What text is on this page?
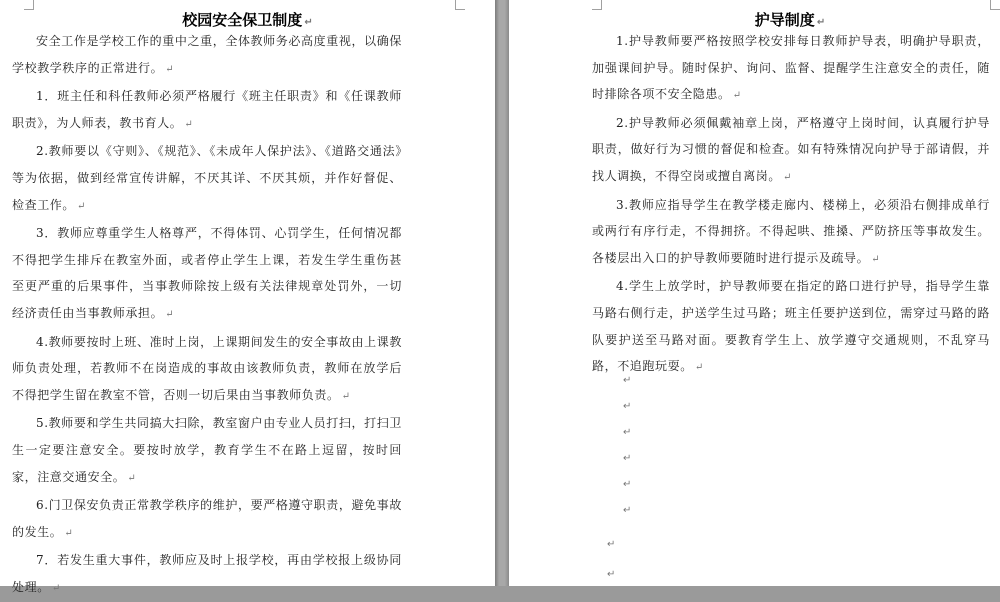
校园安全保卫制度 ↵

安全工作是学校工作的重中之重，全体教师务必高度重视，以确保学校教学秩序的正常进行。 ↵

1．班主任和科任教师必须严格履行《班主任职责》和《任课教师职责》，为人师表，教书育人。 ↵

2.教师要以《守则》、《规范》、《未成年人保护法》、《道路交通法》等为依据，做到经常宣传讲解，不厌其详、不厌其烦，并作好督促、检查工作。 ↵

3．教师应尊重学生人格尊严，不得体罚、心罚学生，任何情况都不得把学生排斥在教室外面，或者停止学生上课，若发生学生重伤甚至更严重的后果事件，当事教师除按上级有关法律规章处罚外，一切经济责任由当事教师承担。 ↵

4.教师要按时上班、准时上岗，上课期间发生的安全事故由上课教师负责处理，若教师不在岗造成的事故由该教师负责，教师在放学后不得把学生留在教室不管，否则一切后果由当事教师负责。 ↵

5.教师要和学生共同搞大扫除，教室窗户由专业人员打扫，打扫卫生一定要注意安全。要按时放学，教育学生不在路上逗留，按时回家，注意交通安全。 ↵

6.门卫保安负责正常教学秩序的维护，要严格遵守职责，避免事故的发生。 ↵

7．若发生重大事件，教师应及时上报学校，再由学校报上级协同处理。 ↵

护导制度 ↵

1.护导教师要严格按照学校安排每日教师护导表，明确护导职责，加强课间护导。随时保护、询问、监督、提醒学生注意安全的责任，随时排除各项不安全隐患。 ↵

2.护导教师必须佩戴袖章上岗，严格遵守上岗时间，认真履行护导职责，做好行为习惯的督促和检查。如有特殊情况向护导于部请假，并找人调换，不得空岗或擅自离岗。 ↵

3.教师应指导学生在教学楼走廊内、楼梯上，必须沿右侧排成单行或两行有序行走，不得拥挤。不得起哄、推搡、严防挤压等事故发生。各楼层出入口的护导教师要随时进行提示及疏导。 ↵

4.学生上放学时，护导教师要在指定的路口进行护导，指导学生靠马路右侧行走，护送学生过马路；班主任要护送到位，需穿过马路的路队要护送至马路对面。要教育学生上、放学遵守交通规则，不乱穿马路，不追跑玩耍。 ↵

↵
↵
↵
↵
↵
↵
↵
↵
